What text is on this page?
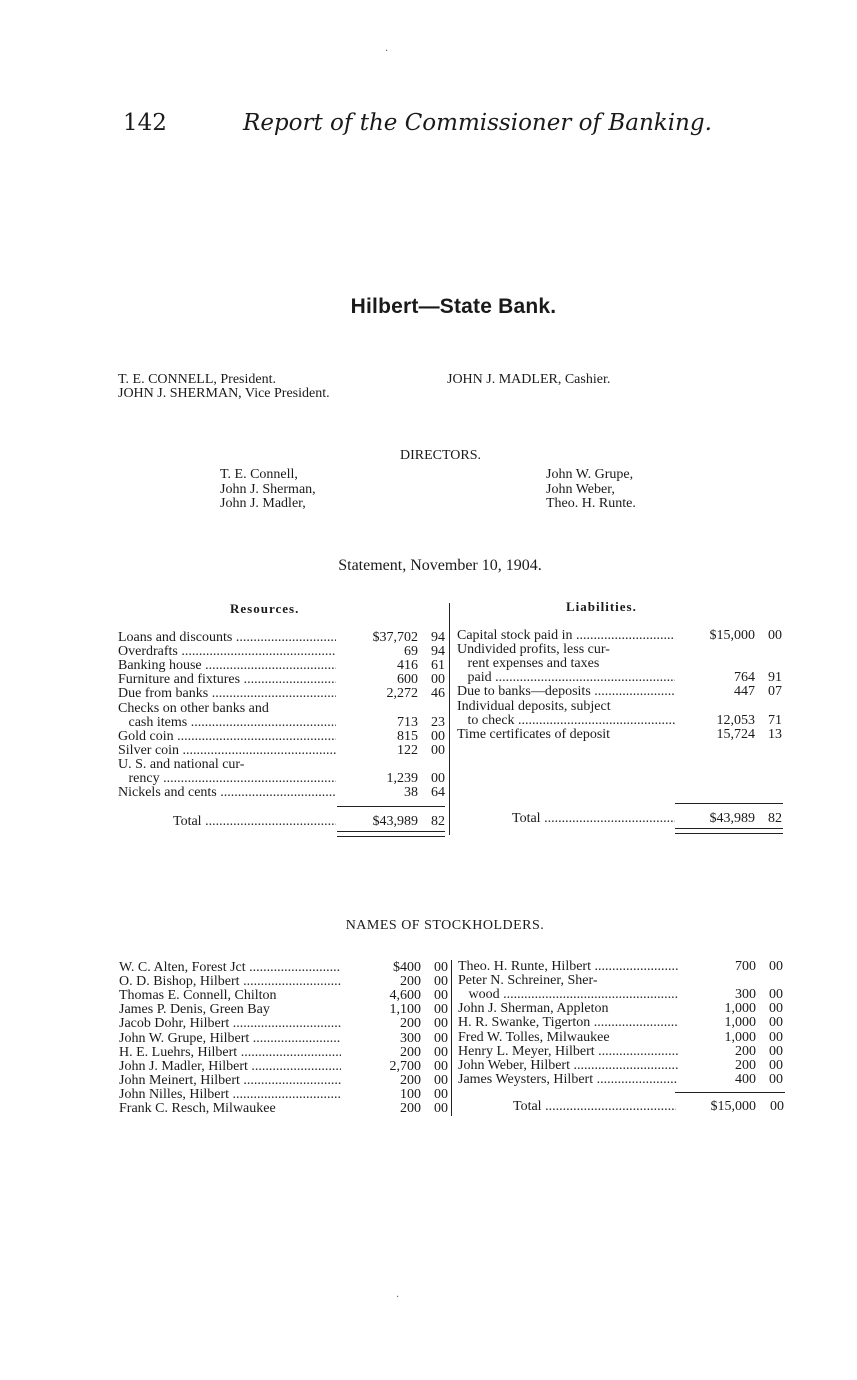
142	Report of the Commissioner of Banking.
Hilbert—State Bank.
T. E. CONNELL, President.
JOHN J. SHERMAN, Vice President.
JOHN J. MADLER, Cashier.
DIRECTORS.
T. E. Connell,
John J. Sherman,
John J. Madler,
John W. Grupe,
John Weber,
Theo. H. Runte.
Statement, November 10, 1904.
Resources.	Liabilities.
Loans and discounts .....	$37,702 94
Overdrafts .....	69 94
Banking house .....	416 61
Furniture and fixtures .....	600 00
Due from banks .....	2,272 46
Checks on other banks and
cash items .....	713 23
Gold coin .....	815 00
Silver coin .....	122 00
U. S. and national cur-
rency .....	1,239 00
Nickels and cents .....	38 64
Total .....	$43,989 82
Capital stock paid in .....	$15,000 00
Undivided profits, less cur-
rent expenses and taxes
paid .....	764 91
Due to banks—deposits .....	447 07
Individual deposits, subject
to check .....	12,053 71
Time certificates of deposit	15,724 13
Total .....	$43,989 82
NAMES OF STOCKHOLDERS.
W. C. Alten, Forest Jct .....	$400 00
O. D. Bishop, Hilbert .....	200 00
Thomas E. Connell, Chilton	4,600 00
James P. Denis, Green Bay	1,100 00
Jacob Dohr, Hilbert .....	200 00
John W. Grupe, Hilbert .....	300 00
H. E. Luehrs, Hilbert .....	200 00
John J. Madler, Hilbert .....	2,700 00
John Meinert, Hilbert .....	200 00
John Nilles, Hilbert .....	100 00
Frank C. Resch, Milwaukee	200 00
Theo. H. Runte, Hilbert .....	700 00
Peter N. Schreiner, Sher-
wood .....	300 00
John J. Sherman, Appleton	1,000 00
H. R. Swanke, Tigerton .....	1,000 00
Fred W. Tolles, Milwaukee	1,000 00
Henry L. Meyer, Hilbert .....	200 00
John Weber, Hilbert .....	200 00
James Weysters, Hilbert .....	400 00
Total .....	$15,000	00
·
·
